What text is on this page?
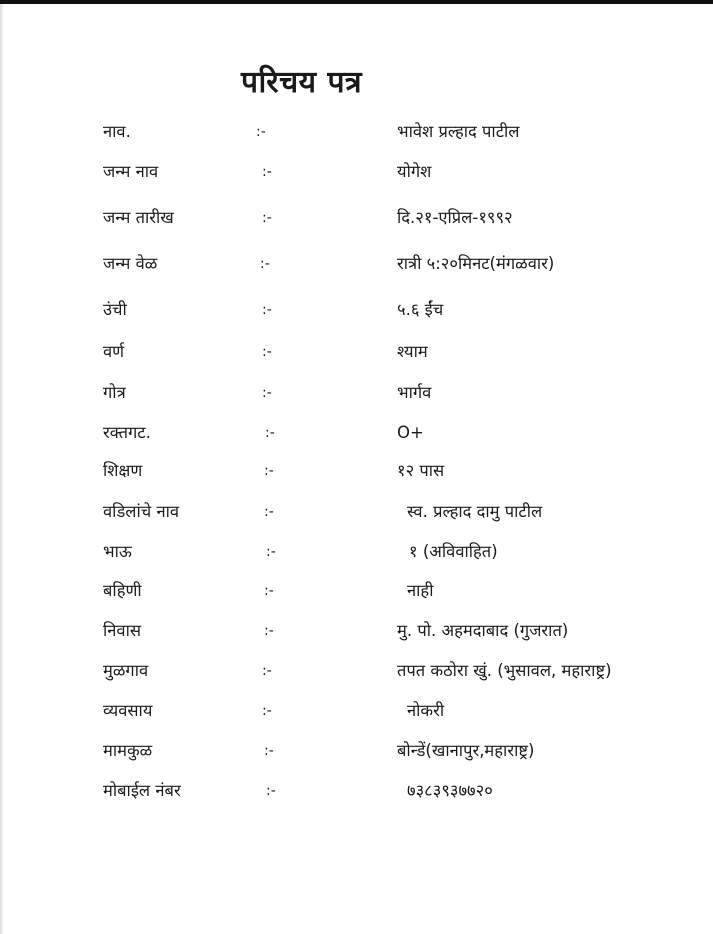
परिचय पत्र
नाव.	:-	भावेश प्रल्हाद पाटील
जन्म नाव	:-	योगेश
जन्म तारीख	:-	दि.२१-एप्रिल-१९९२
जन्म वेळ	:-	रात्री ५:२०मिनट(मंगळवार)
उंची	:-	५.६ ईंच
वर्ण	:-	श्याम
गोत्र	:-	भार्गव
रक्तगट.	:-	O+
शिक्षण	:-	१२ पास
वडिलांचे नाव	:-	स्व. प्रल्हाद दामु पाटील
भाऊ	:-	१ (अविवाहित)
बहिणी	:-	नाही
निवास	:-	मु. पो. अहमदाबाद (गुजरात)
मुळगाव	:-	तपत कठोरा खुं. (भुसावल, महाराष्ट्र)
व्यवसाय	:-	नोकरी
मामकुळ	:-	बोन्डें(खानापुर,महाराष्ट्र)
मोबाईल नंबर	:-	७३८३९३७७२०
